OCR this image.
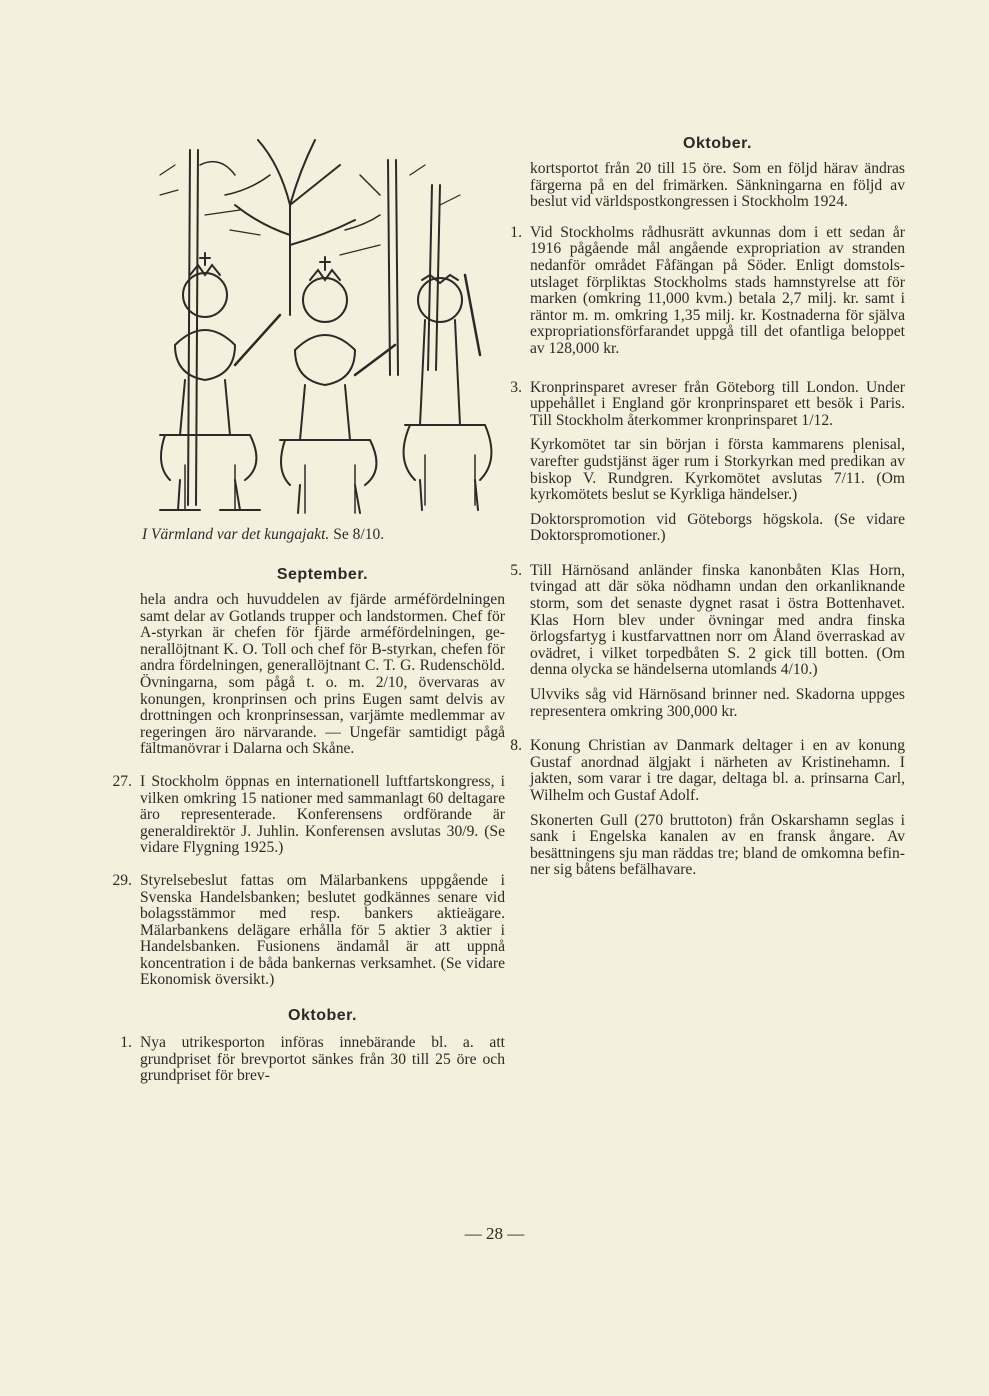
I Värmland var det kungajakt. Se 8/10.

September.

hela andra och huvuddelen av fjärde arméfördelningen samt delar av Gotlands trupper och landstormen. Chef för A-styrkan är chefen för fjärde arméfördelningen, generallöjtnant K. O. Toll och chef för B-styrkan, chefen för andra fördelningen, generallöjtnant C. T. G. Rudenschöld. Övningarna, som pågå t. o. m. 2/10, övervaras av konungen, kronprinsen och prins Eugen samt delvis av drottningen och kronprinsessan, varjämte medlemmar av regeringen äro närvarande. — Ungefär samtidigt pågå fältmanövrar i Dalarna och Skåne.

27. I Stockholm öppnas en internationell luftfartskongress, i vilken omkring 15 nationer med sammanlagt 60 deltagare äro representerade. Konferensens ordförande är generaldirektör J. Juhlin. Konferensen avslutas 30/9. (Se vidare Flygning 1925.)

29. Styrelsebeslut fattas om Mälarbankens uppgående i Svenska Handelsbanken; beslutet godkännes senare vid bolagsstämmor med resp. bankers aktieägare. Mälarbankens delägare erhålla för 5 aktier 3 aktier i Handelsbanken. Fusionens ändamål är att uppnå koncentration i de båda bankernas verksamhet. (Se vidare Ekonomisk översikt.)

Oktober.
1. Nya utrikesporton införas innebärande bl. a. att grundpriset för brevportot sänkes från 30 till 25 öre och grundpriset för brev-

Oktober.

kortsportot från 20 till 15 öre. Som en följd härav ändras färgerna på en del frimärken. Sänkningarna en följd av beslut vid världspostkongressen i Stockholm 1924.

1. Vid Stockholms rådhusrätt avkunnas dom i ett sedan år 1916 pågående mål angående expropriation av stranden nedanför området Fåfängan på Söder. Enligt domstolsutslaget förpliktas Stockholms stads hamnstyrelse att för marken (omkring 11,000 kvm.) betala 2,7 milj. kr. samt i räntor m. m. omkring 1,35 milj. kr. Kostnaderna för själva expropriationsförfarandet uppgå till det ofantliga beloppet av 128,000 kr.

3. Kronprinsparet avreser från Göteborg till London. Under uppehållet i England gör kronprinsparet ett besök i Paris. Till Stockholm återkommer kronprinsparet 1/12.

Kyrkomötet tar sin början i första kammarens plenisal, varefter gudstjänst äger rum i Storkyrkan med predikan av biskop V. Rundgren. Kyrkomötet avslutas 7/11. (Om kyrkomötets beslut se Kyrkliga händelser.)

Doktorspromotion vid Göteborgs högskola. (Se vidare Doktorspromotioner.)

5. Till Härnösand anländer finska kanonbåten Klas Horn, tvingad att där söka nödhamn undan den orkanliknande storm, som det senaste dygnet rasat i östra Bottenhavet. Klas Horn blev under övningar med andra finska örlogsfartyg i kustfarvattnen norr om Åland överraskad av ovädret, i vilket torpedbåten S. 2 gick till botten. (Om denna olycka se händelserna utomlands 4/10.)

Ulvviks såg vid Härnösand brinner ned. Skadorna uppges representera omkring 300,000 kr.

8. Konung Christian av Danmark deltager i en av konung Gustaf anordnad älgjakt i närheten av Kristinehamn. I jakten, som varar i tre dagar, deltaga bl. a. prinsarna Carl, Wilhelm och Gustaf Adolf.

Skonerten Gull (270 bruttoton) från Oskarshamn seglas i sank i Engelska kanalen av en fransk ångare. Av besättningens sju man räddas tre; bland de omkomna befinner sig båtens befälhavare.

— 28 —
